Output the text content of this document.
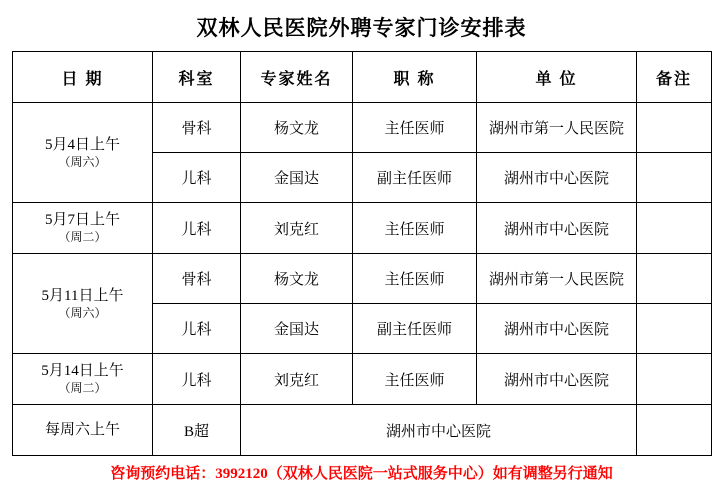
双林人民医院外聘专家门诊安排表
日 期	科室	专家姓名	职 称	单 位	备注
5月4日上午
（周六）	骨科	杨文龙	主任医师	湖州市第一人民医院	
	儿科	金国达	副主任医师	湖州市中心医院	
5月7日上午
（周二）	儿科	刘克红	主任医师	湖州市中心医院	
5月11日上午
（周六）	骨科	杨文龙	主任医师	湖州市第一人民医院	
	儿科	金国达	副主任医师	湖州市中心医院	
5月14日上午
（周二）	儿科	刘克红	主任医师	湖州市中心医院	
每周六上午	B超	湖州市中心医院			
咨询预约电话：3992120（双林人民医院一站式服务中心）如有调整另行通知
